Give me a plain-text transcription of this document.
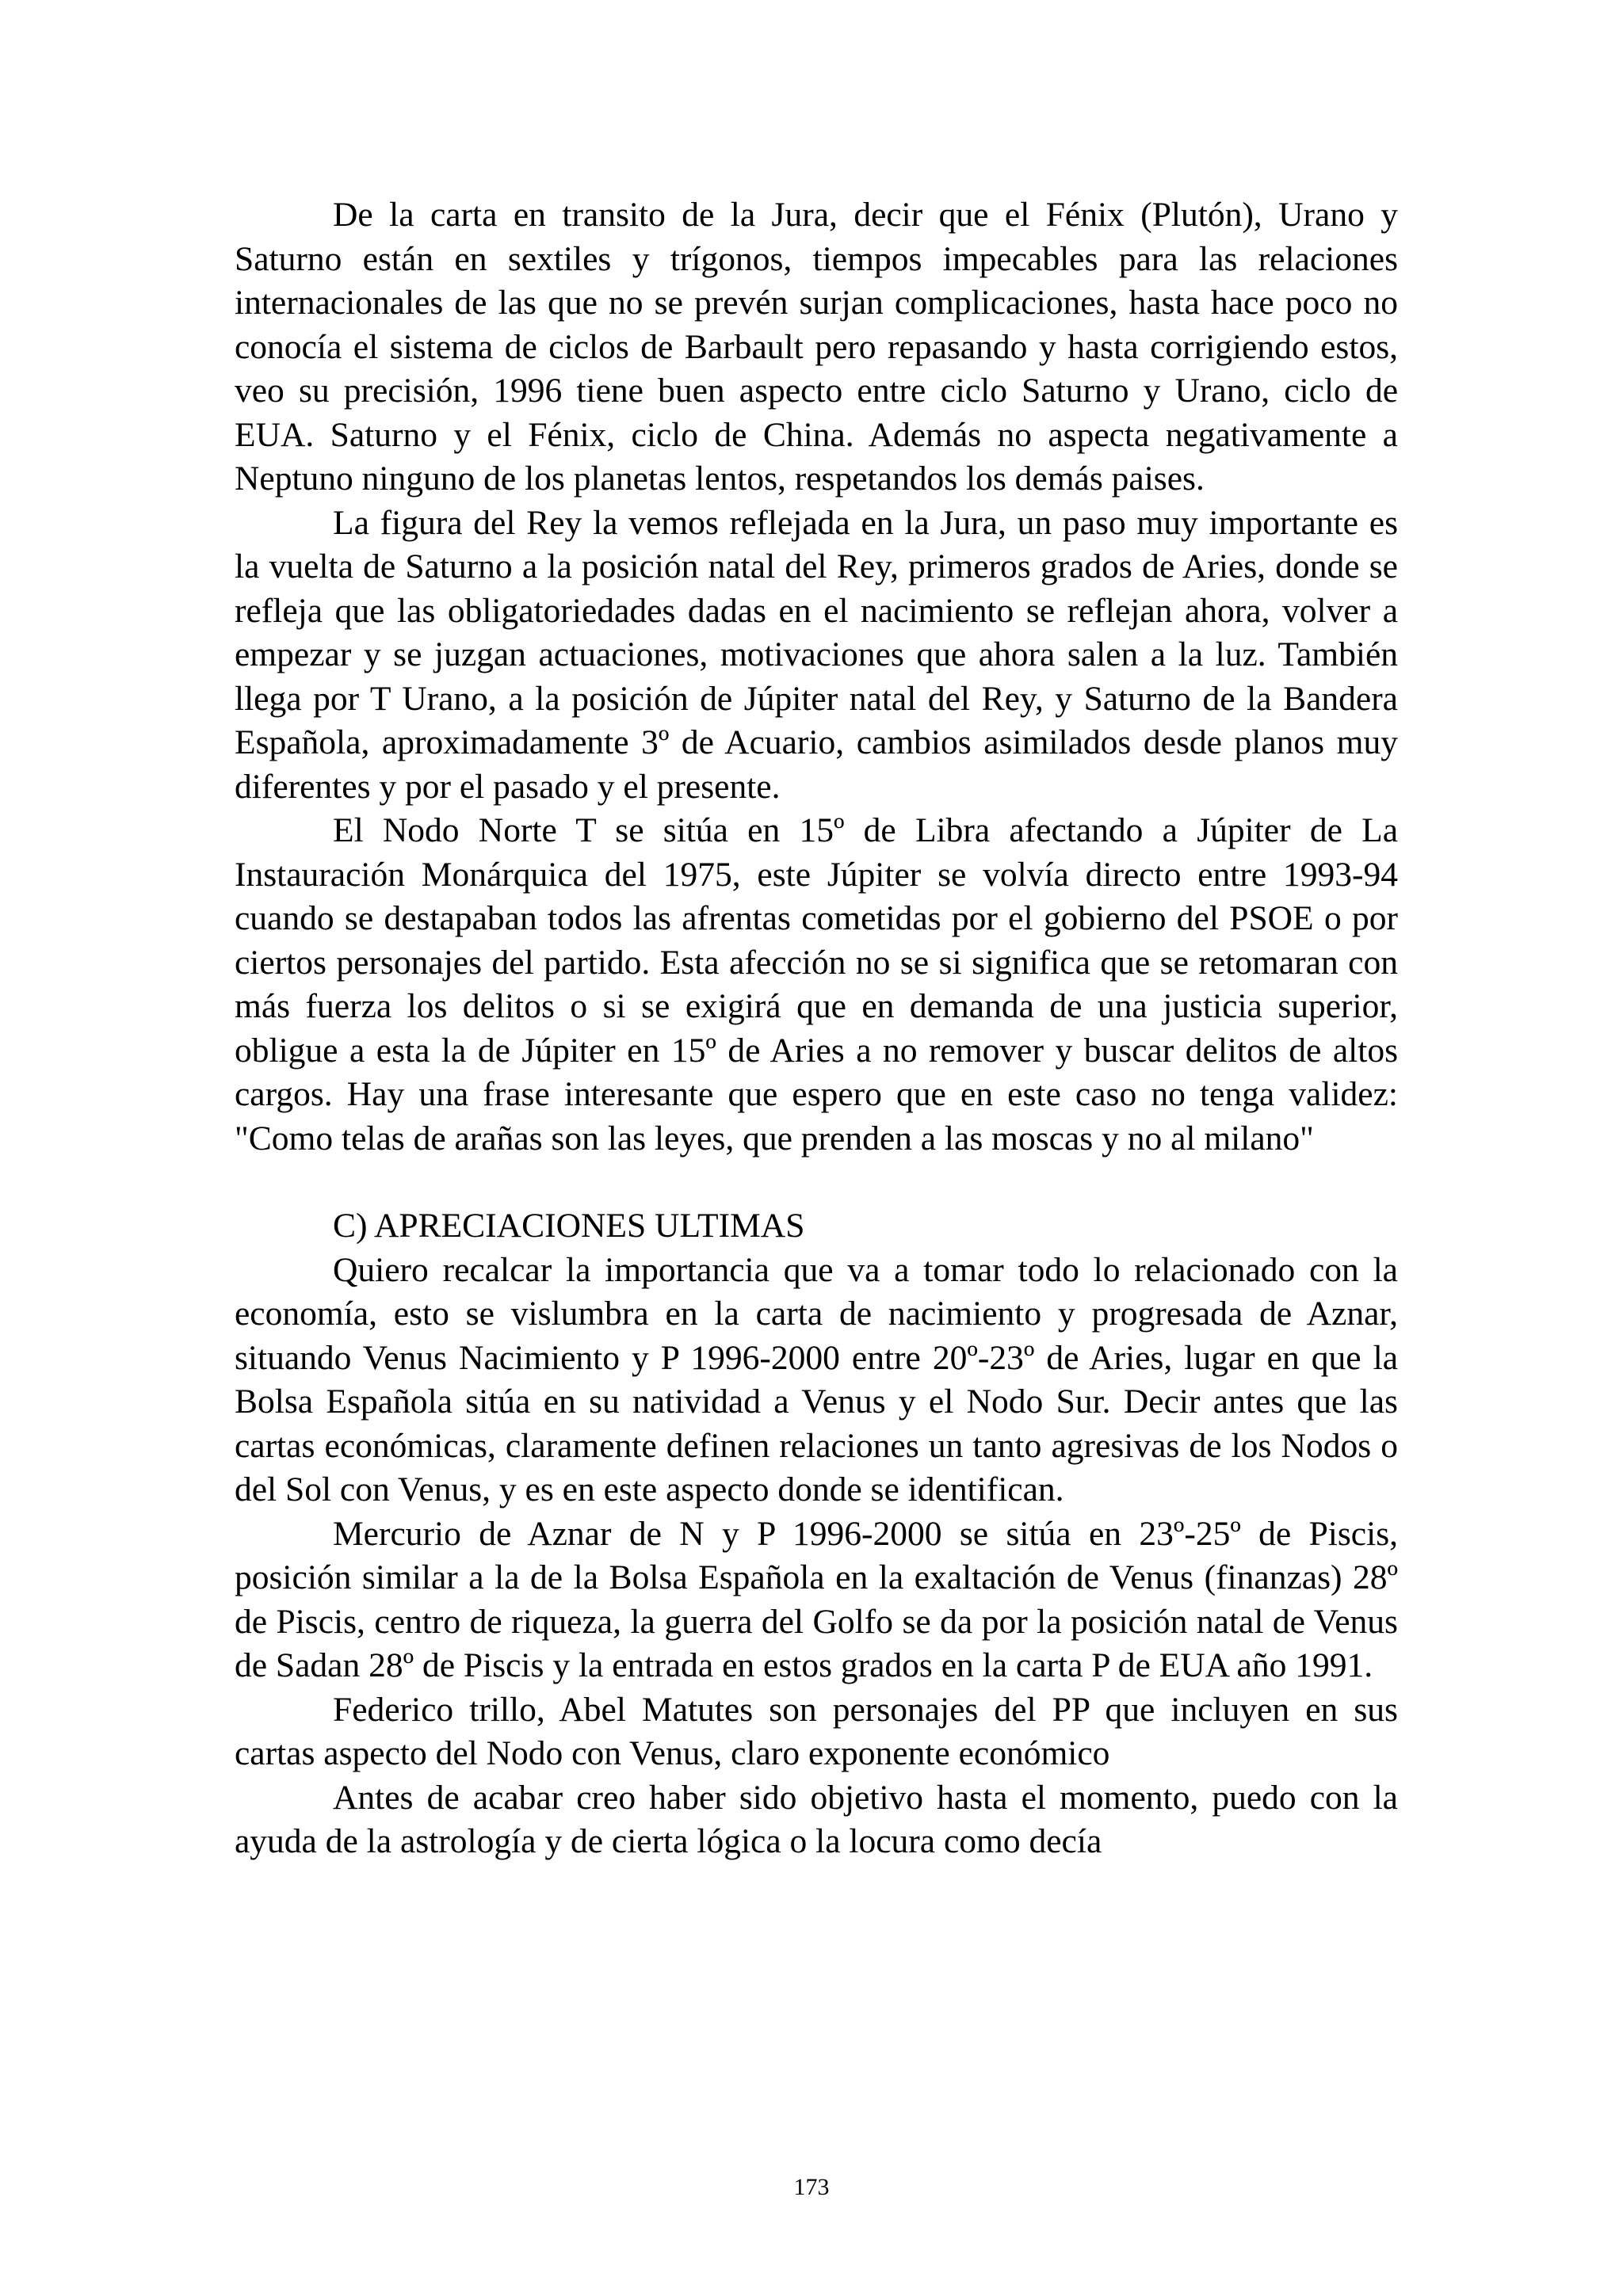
De la carta en transito de la Jura, decir que el Fénix (Plutón), Urano y Saturno están en sextiles y trígonos, tiempos impecables para las relaciones internacionales de las que no se prevén surjan complicaciones, hasta hace poco no conocía el sistema de ciclos de Barbault pero repasando y hasta corrigiendo estos, veo su precisión, 1996 tiene buen aspecto entre ciclo Saturno y Urano, ciclo de EUA. Saturno y el Fénix, ciclo de China. Además no aspecta negativamente a Neptuno ninguno de los planetas lentos, respetandos los demás paises.

La figura del Rey la vemos reflejada en la Jura, un paso muy importante es la vuelta de Saturno a la posición natal del Rey, primeros grados de Aries, donde se refleja que las obligatoriedades dadas en el nacimiento se reflejan ahora, volver a empezar y se juzgan actuaciones, motivaciones que ahora salen a la luz. También llega por T Urano, a la posición de Júpiter natal del Rey, y Saturno de la Bandera Española, aproximadamente 3º de Acuario, cambios asimilados desde planos muy diferentes y por el pasado y el presente.

El Nodo Norte T se sitúa en 15º de Libra afectando a Júpiter de La Instauración Monárquica del 1975, este Júpiter se volvía directo entre 1993-94 cuando se destapaban todos las afrentas cometidas por el gobierno del PSOE o por ciertos personajes del partido. Esta afección no se si significa que se retomaran con más fuerza los delitos o si se exigirá que en demanda de una justicia superior, obligue a esta la de Júpiter en 15º de Aries a no remover y buscar delitos de altos cargos. Hay una frase interesante que espero que en este caso no tenga validez: "Como telas de arañas son las leyes, que prenden a las moscas y no al milano"

C) APRECIACIONES ULTIMAS

Quiero recalcar la importancia que va a tomar todo lo relacionado con la economía, esto se vislumbra en la carta de nacimiento y progresada de Aznar, situando Venus Nacimiento y P 1996-2000 entre 20º-23º de Aries, lugar en que la Bolsa Española sitúa en su natividad a Venus y el Nodo Sur. Decir antes que las cartas económicas, claramente definen relaciones un tanto agresivas de los Nodos o del Sol con Venus, y es en este aspecto donde se identifican.

Mercurio de Aznar de N y P 1996-2000 se sitúa en 23º-25º de Piscis, posición similar a la de la Bolsa Española en la exaltación de Venus (finanzas) 28º de Piscis, centro de riqueza, la guerra del Golfo se da por la posición natal de Venus de Sadan 28º de Piscis y la entrada en estos grados en la carta P de EUA año 1991.

Federico trillo, Abel Matutes son personajes del PP que incluyen en sus cartas aspecto del Nodo con Venus, claro exponente económico

Antes de acabar creo haber sido objetivo hasta el momento, puedo con la ayuda de la astrología y de cierta lógica o la locura como decía

173
